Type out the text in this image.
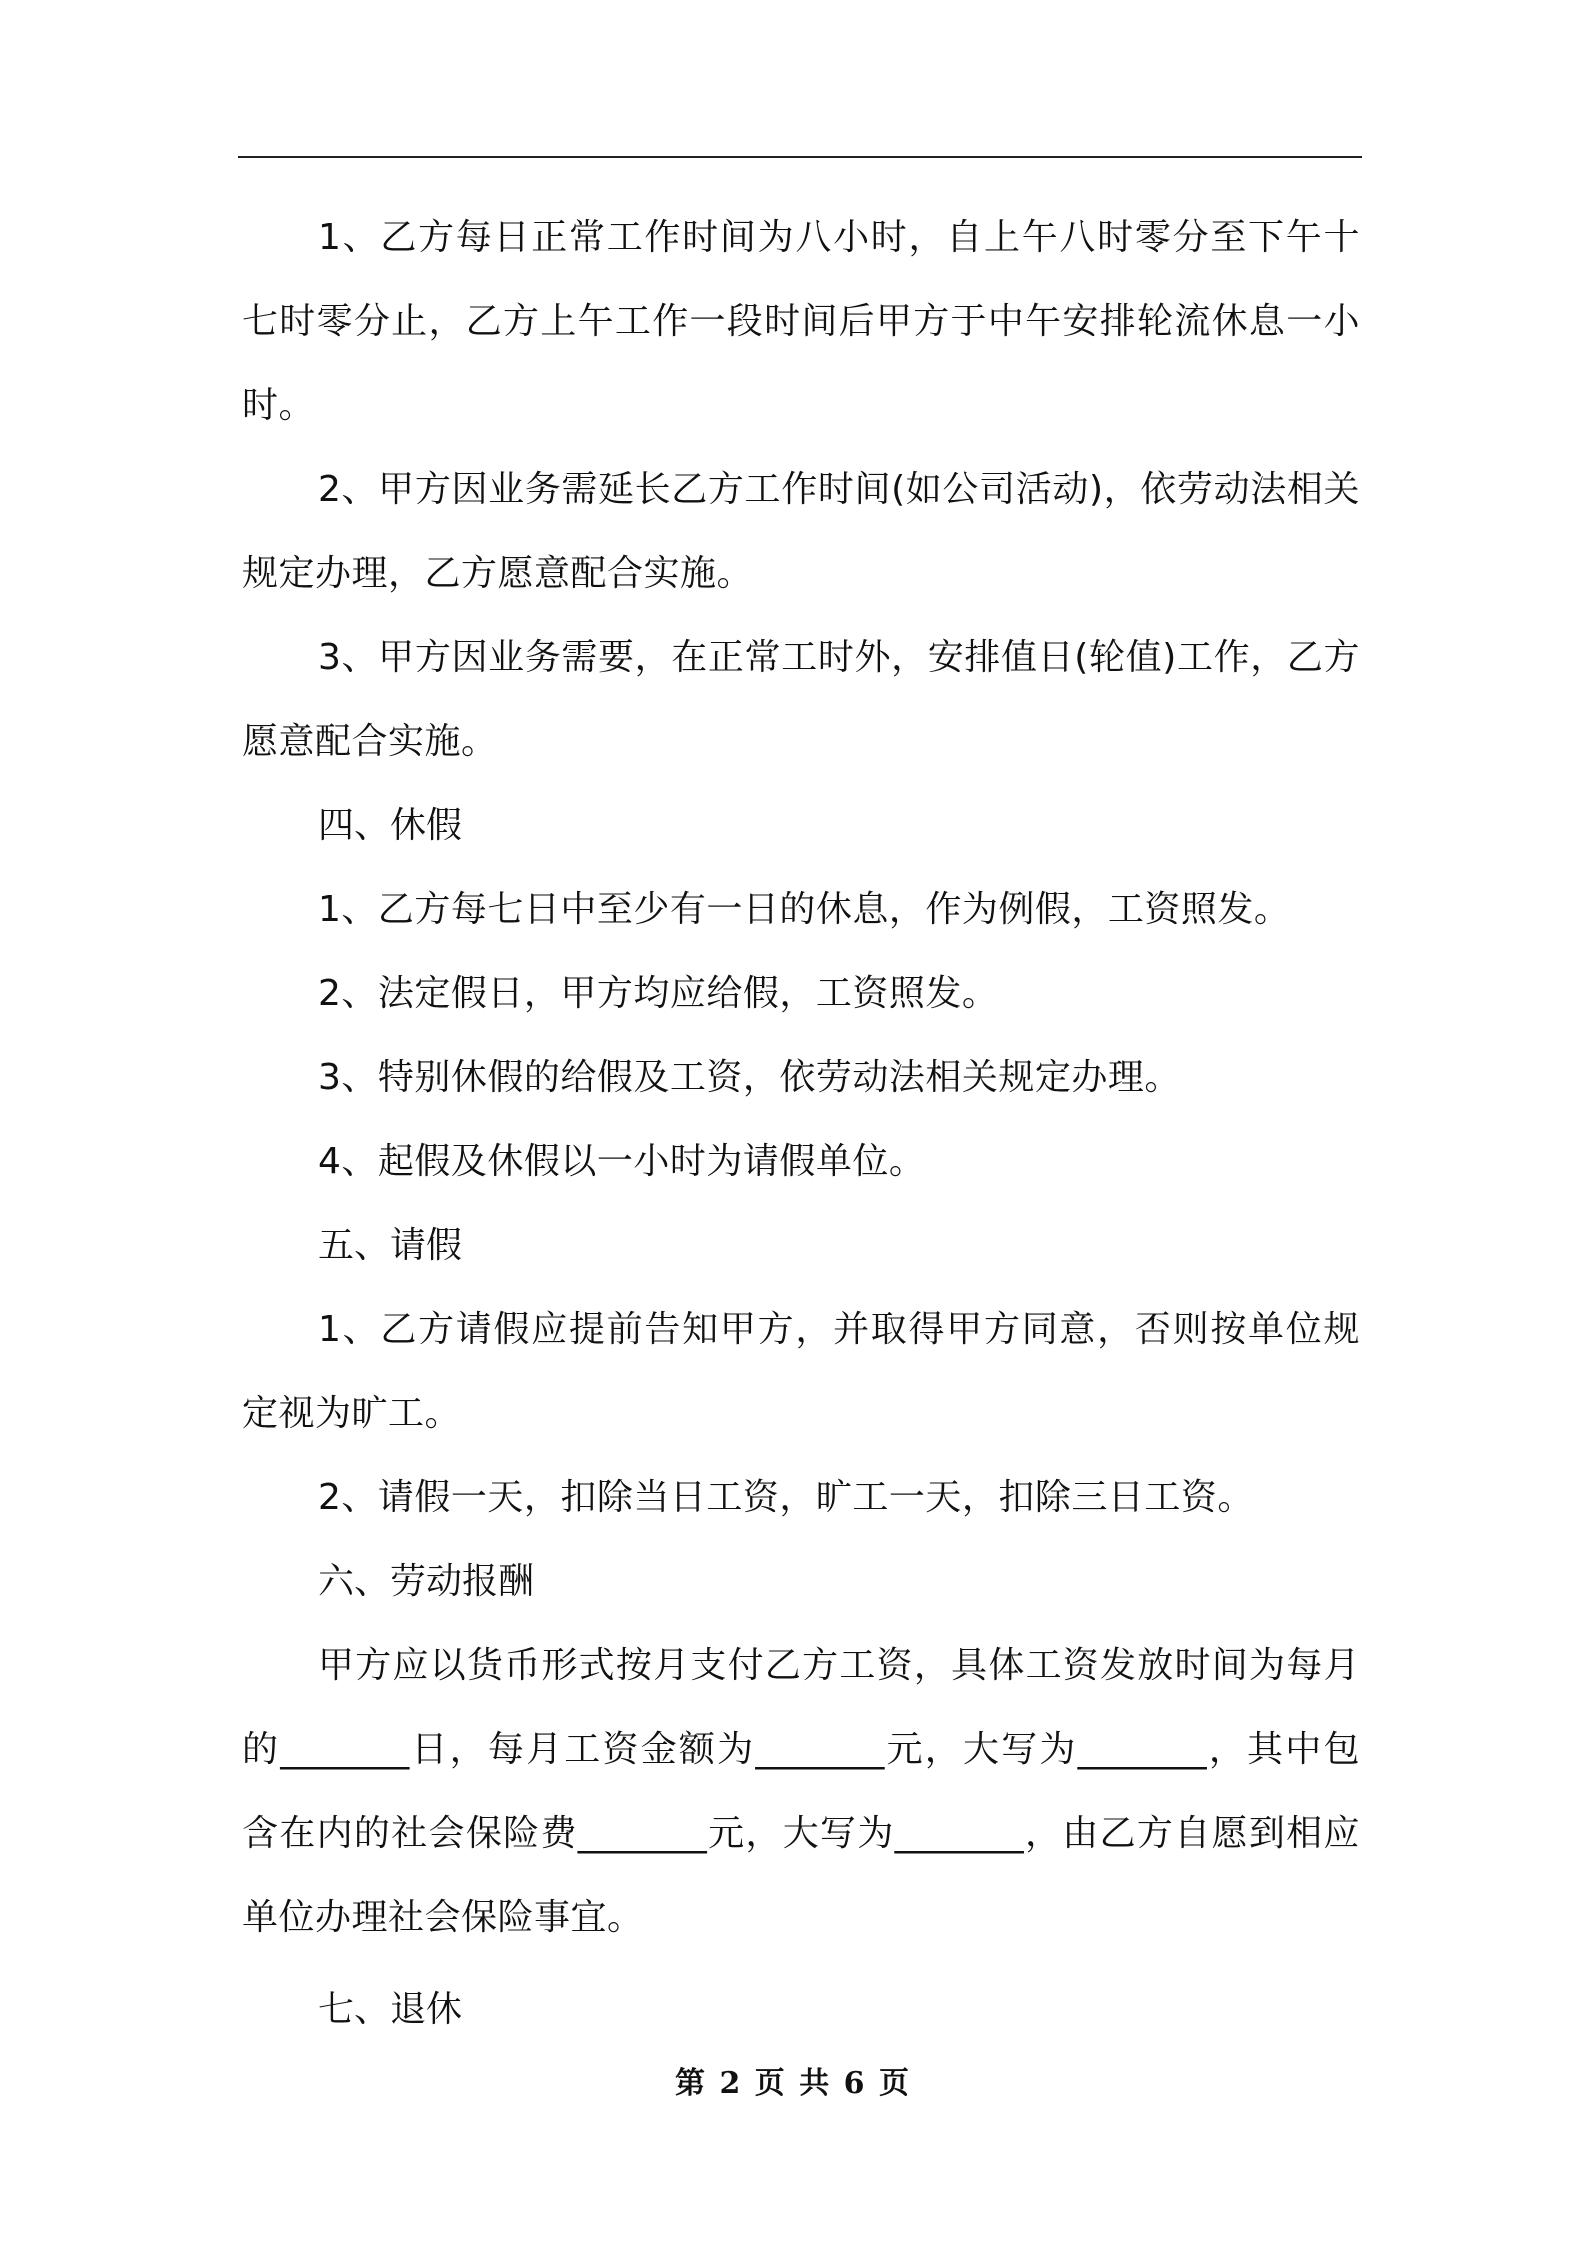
1、乙方每日正常工作时间为八小时，自上午八时零分至下午十七时零分止，乙方上午工作一段时间后甲方于中午安排轮流休息一小时。

2、甲方因业务需延长乙方工作时间(如公司活动)，依劳动法相关规定办理，乙方愿意配合实施。

3、甲方因业务需要，在正常工时外，安排值日(轮值)工作，乙方愿意配合实施。

四、休假

1、乙方每七日中至少有一日的休息，作为例假，工资照发。

2、法定假日，甲方均应给假，工资照发。

3、特别休假的给假及工资，依劳动法相关规定办理。

4、起假及休假以一小时为请假单位。

五、请假

1、乙方请假应提前告知甲方，并取得甲方同意，否则按单位规定视为旷工。

2、请假一天，扣除当日工资，旷工一天，扣除三日工资。

六、劳动报酬

甲方应以货币形式按月支付乙方工资，具体工资发放时间为每月的_______日，每月工资金额为_______元，大写为_______，其中包含在内的社会保险费_______元，大写为_______，由乙方自愿到相应单位办理社会保险事宜。

七、退休

第 2 页 共 6 页
